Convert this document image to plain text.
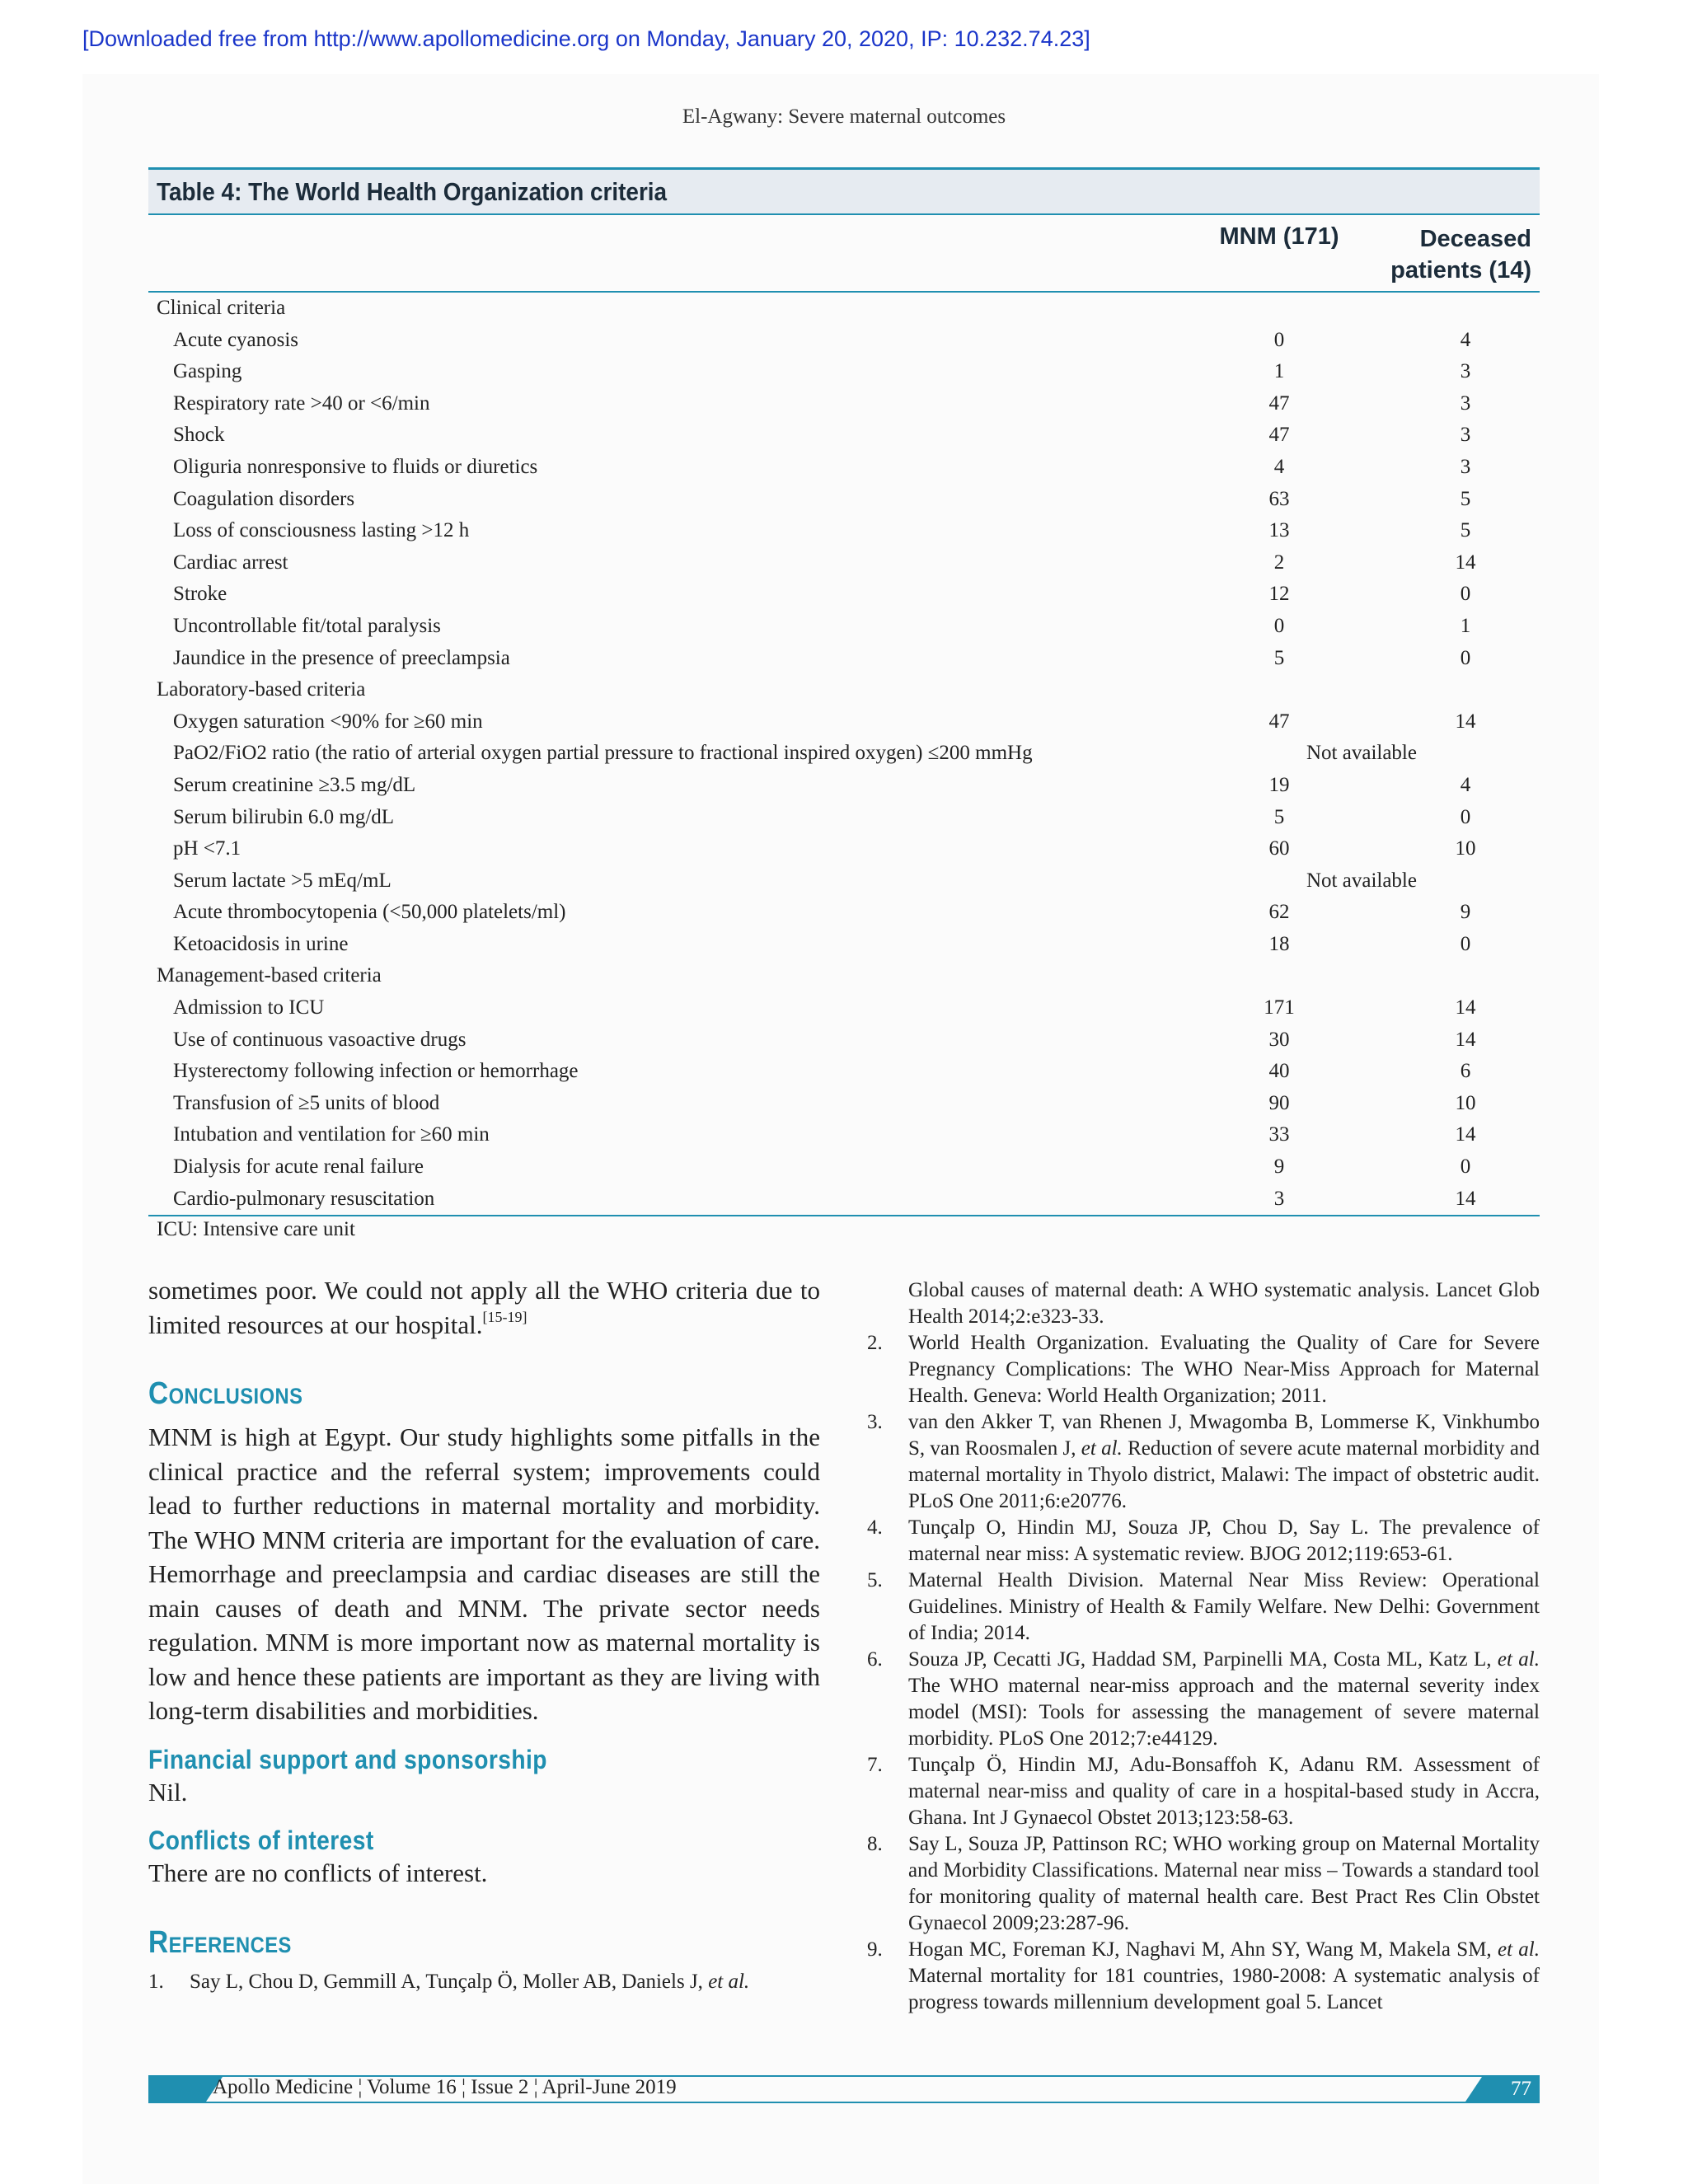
[Downloaded free from http://www.apollomedicine.org on Monday, January 20, 2020, IP: 10.232.74.23]
El-Agwany: Severe maternal outcomes
Table 4: The World Health Organization criteria
MNM (171)	Deceased
patients (14)
Clinical criteria
Acute cyanosis	0	4
Gasping	1	3
Respiratory rate >40 or <6/min	47	3
Shock	47	3
Oliguria nonresponsive to fluids or diuretics	4	3
Coagulation disorders	63	5
Loss of consciousness lasting >12 h	13	5
Cardiac arrest	2	14
Stroke	12	0
Uncontrollable fit/total paralysis	0	1
Jaundice in the presence of preeclampsia	5	0
Laboratory-based criteria
Oxygen saturation <90% for ≥60 min	47	14
PaO2/FiO2 ratio (the ratio of arterial oxygen partial pressure to fractional inspired oxygen) ≤200 mmHg	Not available
Serum creatinine ≥3.5 mg/dL	19	4
Serum bilirubin 6.0 mg/dL	5	0
pH <7.1	60	10
Serum lactate >5 mEq/mL	Not available
Acute thrombocytopenia (<50,000 platelets/ml)	62	9
Ketoacidosis in urine	18	0
Management-based criteria
Admission to ICU	171	14
Use of continuous vasoactive drugs	30	14
Hysterectomy following infection or hemorrhage	40	6
Transfusion of ≥5 units of blood	90	10
Intubation and ventilation for ≥60 min	33	14
Dialysis for acute renal failure	9	0
Cardio-pulmonary resuscitation	3	14
ICU: Intensive care unit

sometimes poor. We could not apply all the WHO criteria due to limited resources at our hospital.[15-19]

Conclusions

MNM is high at Egypt. Our study highlights some pitfalls in the clinical practice and the referral system; improvements could lead to further reductions in maternal mortality and morbidity. The WHO MNM criteria are important for the evaluation of care. Hemorrhage and preeclampsia and cardiac diseases are still the main causes of death and MNM. The private sector needs regulation. MNM is more important now as maternal mortality is low and hence these patients are important as they are living with long-term disabilities and morbidities.

Financial support and sponsorship

Nil.

Conflicts of interest

There are no conflicts of interest.

References
1.	Say L, Chou D, Gemmill A, Tunçalp Ö, Moller AB, Daniels J, et al.
Global causes of maternal death: A WHO systematic analysis. Lancet Glob Health 2014;2:e323-33.
2.	World Health Organization. Evaluating the Quality of Care for Severe Pregnancy Complications: The WHO Near-Miss Approach for Maternal Health. Geneva: World Health Organization; 2011.
3.	van den Akker T, van Rhenen J, Mwagomba B, Lommerse K, Vinkhumbo S, van Roosmalen J, et al. Reduction of severe acute maternal morbidity and maternal mortality in Thyolo district, Malawi: The impact of obstetric audit. PLoS One 2011;6:e20776.
4.	Tunçalp O, Hindin MJ, Souza JP, Chou D, Say L. The prevalence of maternal near miss: A systematic review. BJOG 2012;119:653-61.
5.	Maternal Health Division. Maternal Near Miss Review: Operational Guidelines. Ministry of Health & Family Welfare. New Delhi: Government of India; 2014.
6.	Souza JP, Cecatti JG, Haddad SM, Parpinelli MA, Costa ML, Katz L, et al. The WHO maternal near-miss approach and the maternal severity index model (MSI): Tools for assessing the management of severe maternal morbidity. PLoS One 2012;7:e44129.
7.	Tunçalp Ö, Hindin MJ, Adu-Bonsaffoh K, Adanu RM. Assessment of maternal near-miss and quality of care in a hospital-based study in Accra, Ghana. Int J Gynaecol Obstet 2013;123:58-63.
8.	Say L, Souza JP, Pattinson RC; WHO working group on Maternal Mortality and Morbidity Classifications. Maternal near miss – Towards a standard tool for monitoring quality of maternal health care. Best Pract Res Clin Obstet Gynaecol 2009;23:287-96.
9.	Hogan MC, Foreman KJ, Naghavi M, Ahn SY, Wang M, Makela SM, et al. Maternal mortality for 181 countries, 1980-2008: A systematic analysis of progress towards millennium development goal 5. Lancet
Apollo Medicine ¦ Volume 16 ¦ Issue 2 ¦ April-June 2019	77
